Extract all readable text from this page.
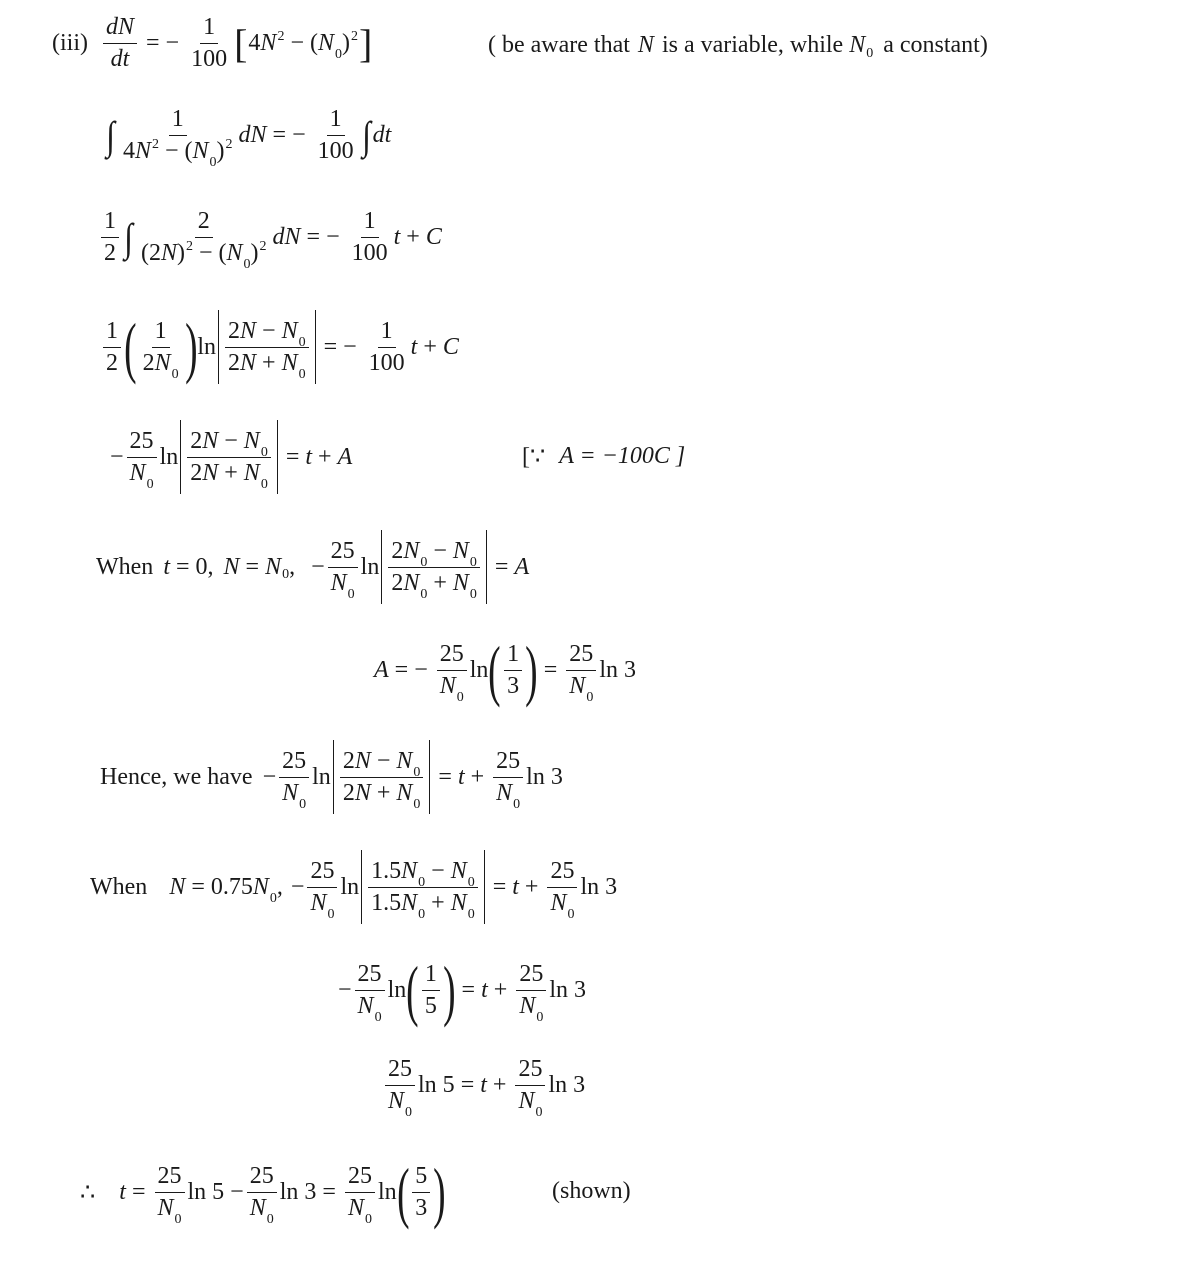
$(iii) \frac{dN}{dt}$ = − $\frac{1}{100}$ [ $4N^2 - (N_0)^2$ ]	( be aware that N is a variable, while N 0 a constant)
∫ $\frac{1}{4N^2 - (N_0)^2}$ dN = − $\frac{1}{100}$ ∫ dt
$\frac{1}{2}$ ∫ $\frac{2}{(2N)^2 - (N_0)^2}$ dN = − $\frac{1}{100}$ t + C
$\frac{1}{2}$ ( $\frac{1}{2N_0}$ ) $\ln \frac{2N - N_0}{2N + N_0}$ = − $\frac{1}{100}$ t + C
− $\frac{25}{N_0}$ $\ln \frac{2N - N_0}{2N + N_0} = t + A$	[∵ A = −100C ]
When t = 0, N = N 0 , − $\frac{25}{N_0}$ $\ln \frac{2N_0 - N_0}{2N_0 + N_0} = A$
A = − $\frac{25}{N_0}$ ln ( $\frac{1}{3}$ ) = $\frac{25}{N_0}$ ln 3
Hence, we have − $\frac{25}{N_0}$ $\ln \frac{2N - N_0}{2N + N_0} = t + \frac{25}{N_0}$ ln 3
When $N = 0.75N_0$, − $\frac{25}{N_0}$ $\ln \frac{1.5N_0 - N_0}{1.5N_0 + N_0} = t + \frac{25}{N_0}$ ln 3
− $\frac{25}{N_0}$ ln ( $\frac{1}{5}$ ) = $t + \frac{25}{N_0}$ ln 3
$\frac{25}{N_0}$ $\ln 5 = t + \frac{25}{N_0}$ ln 3
∴ $t = \frac{25}{N_0}$ $\ln 5 - \frac{25}{N_0}$ $\ln 3 = \frac{25}{N_0}$ ln ( $\frac{5}{3}$ )	(shown)
